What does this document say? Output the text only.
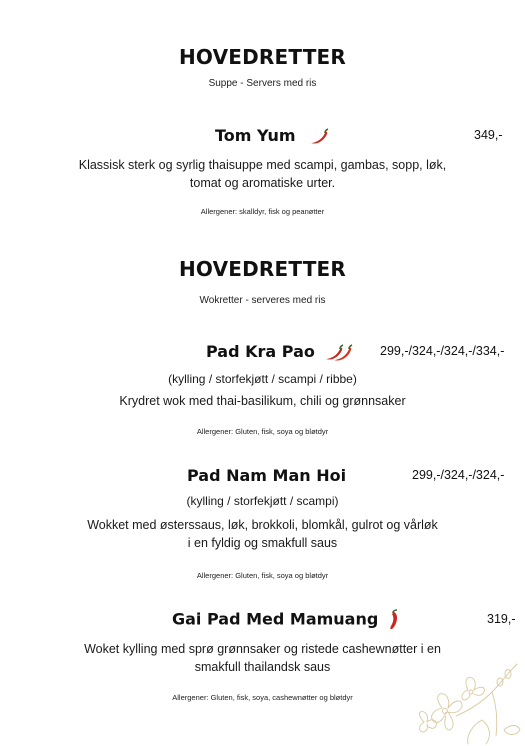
HOVEDRETTER
Suppe - Servers med ris
Tom Yum	349,-
Klassisk sterk og syrlig thaisuppe med scampi, gambas, sopp, løk,
tomat og aromatiske urter.
Allergener: skalldyr, fisk og peanøtter
HOVEDRETTER
Wokretter - serveres med ris
Pad Kra Pao	299,-/324,-/324,-/334,-
(kylling / storfekjøtt / scampi / ribbe)
Krydret wok med thai-basilikum, chili og grønnsaker
Allergener: Gluten, fisk, soya og bløtdyr
Pad Nam Man Hoi	299,-/324,-/324,-
(kylling / storfekjøtt / scampi)
Wokket med østerssaus, løk, brokkoli, blomkål, gulrot og vårløk
i en fyldig og smakfull saus
Allergener: Gluten, fisk, soya og bløtdyr
Gai Pad Med Mamuang	319,-
Woket kylling med sprø grønnsaker og ristede cashewnøtter i en
smakfull thailandsk saus
Allergener: Gluten, fisk, soya, cashewnøtter og bløtdyr
